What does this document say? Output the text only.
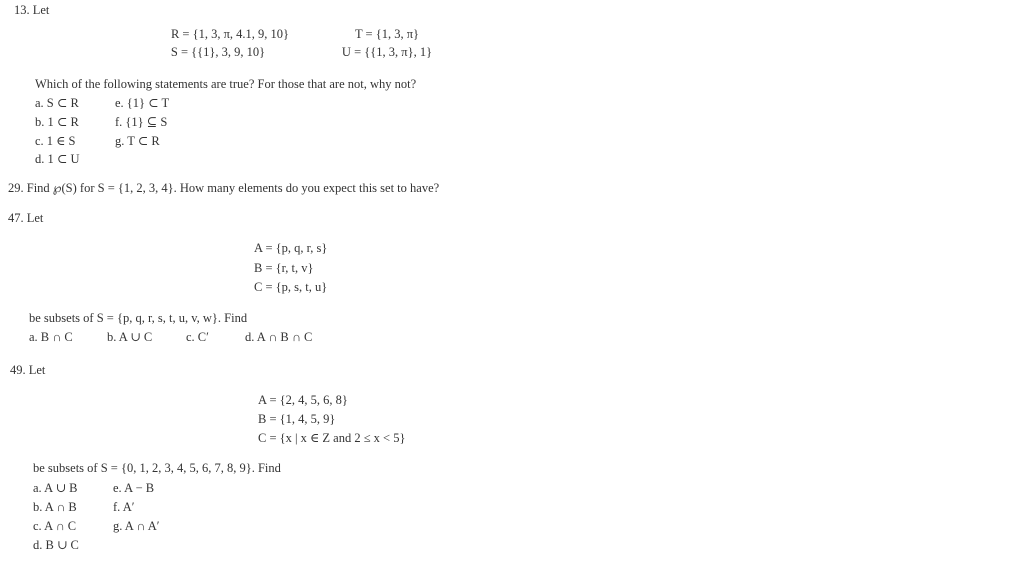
13. Let
R = {1, 3, π, 4.1, 9, 10}	T = {1, 3, π}
S = {{1}, 3, 9, 10}	U = {{1, 3, π}, 1}
Which of the following statements are true? For those that are not, why not?
a. S ⊂ R
b. 1 ⊂ R
c. 1 ∈ S
d. 1 ⊂ U
e. {1} ⊂ T
f. {1} ⊆ S
g. T ⊂ R
29. Find ℘(S) for S = {1, 2, 3, 4}. How many elements do you expect this set to have?
47. Let
A = {p, q, r, s}
B = {r, t, v}
C = {p, s, t, u}
be subsets of S = {p, q, r, s, t, u, v, w}. Find
a. B ∩ C	b. A ∪ C	c. C′	d. A ∩ B ∩ C
49. Let
A = {2, 4, 5, 6, 8}
B = {1, 4, 5, 9}
C = {x | x ∈ Z and 2 ≤ x < 5}
be subsets of S = {0, 1, 2, 3, 4, 5, 6, 7, 8, 9}. Find
a. A ∪ B
b. A ∩ B
c. A ∩ C
d. B ∪ C
e. A − B
f. A′
g. A ∩ A′
